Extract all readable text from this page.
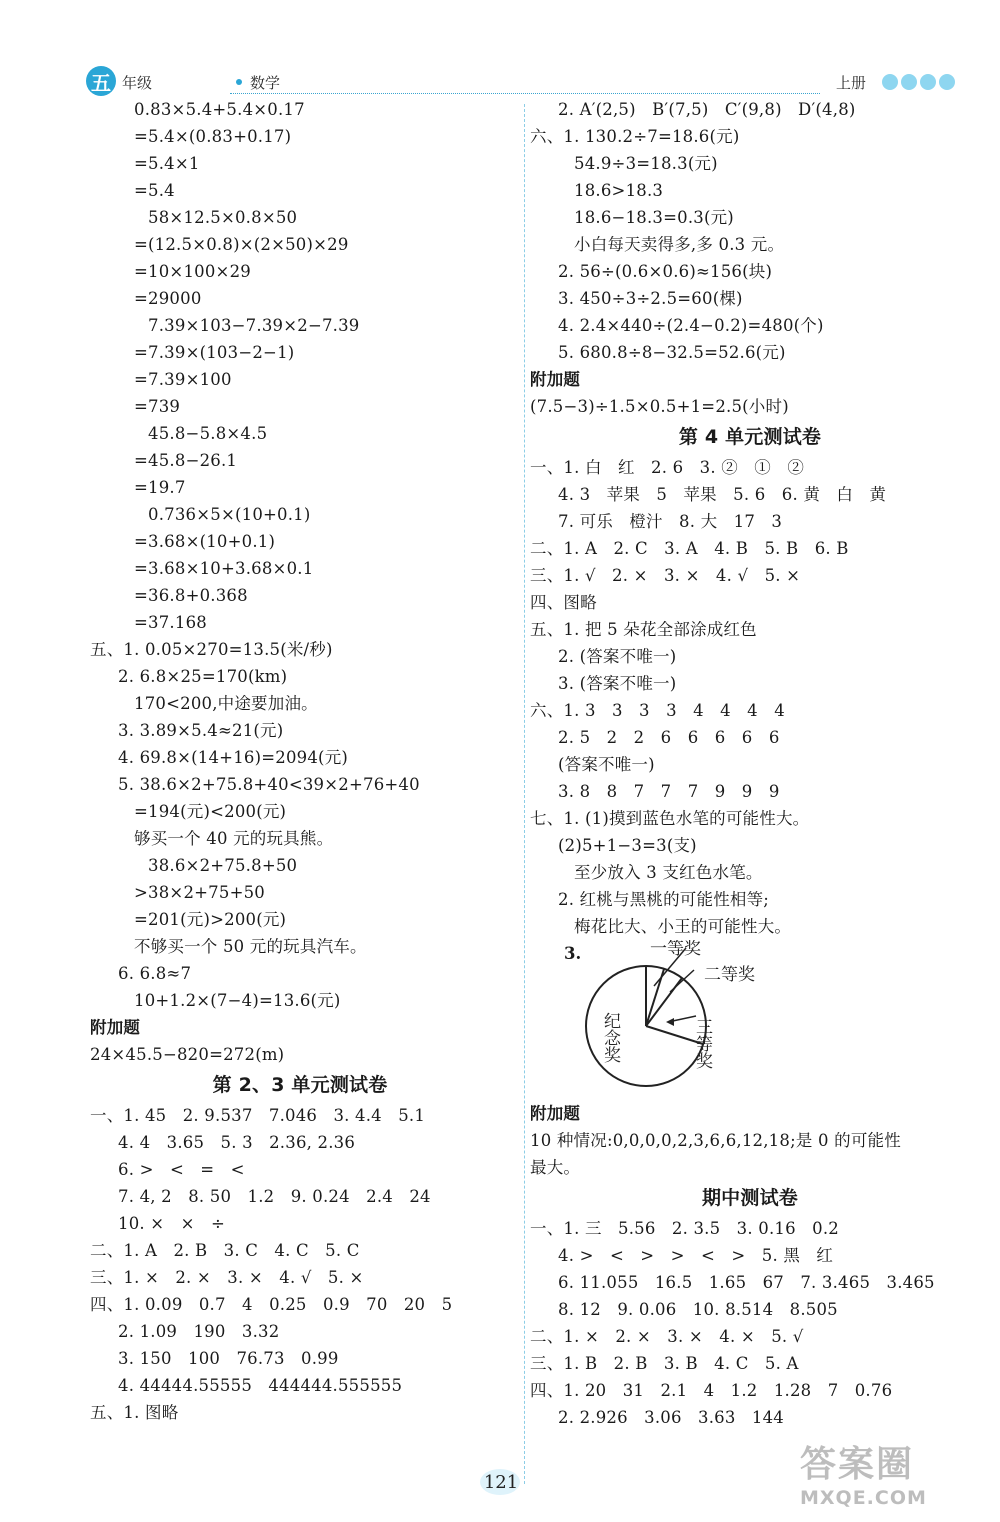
五 年级	数学	上册
0.83×5.4+5.4×0.17
=5.4×(0.83+0.17)
=5.4×1
=5.4
58×12.5×0.8×50
=(12.5×0.8)×(2×50)×29
=10×100×29
=29000
7.39×103−7.39×2−7.39
=7.39×(103−2−1)
=7.39×100
=739
45.8−5.8×4.5
=45.8−26.1
=19.7
0.736×5×(10+0.1)
=3.68×(10+0.1)
=3.68×10+3.68×0.1
=36.8+0.368
=37.168
五、1. 0.05×270=13.5(米/秒)
2. 6.8×25=170(km)
170<200,中途要加油。
3. 3.89×5.4≈21(元)
4. 69.8×(14+16)=2094(元)
5. 38.6×2+75.8+40<39×2+76+40
=194(元)<200(元)
够买一个 40 元的玩具熊。
38.6×2+75.8+50
>38×2+75+50
=201(元)>200(元)
不够买一个 50 元的玩具汽车。
6. 6.8≈7
10+1.2×(7−4)=13.6(元)
附加题
24×45.5−820=272(m)
第 2、3 单元测试卷
一、1. 45   2. 9.537   7.046   3. 4.4   5.1
4. 4   3.65   5. 3   2.36, 2.36
6. >   <   =   <
7. 4, 2   8. 50   1.2   9. 0.24   2.4   24
10. ×   ×   ÷
二、1. A   2. B   3. C   4. C   5. C
三、1. ×   2. ×   3. ×   4. √   5. ×
四、1. 0.09   0.7   4   0.25   0.9   70   20   5
2. 1.09   190   3.32
3. 150   100   76.73   0.99
4. 44444.55555   444444.555555
五、1. 图略
2. A′(2,5)   B′(7,5)   C′(9,8)   D′(4,8)
六、1. 130.2÷7=18.6(元)
54.9÷3=18.3(元)
18.6>18.3
18.6−18.3=0.3(元)
小白每天卖得多,多 0.3 元。
2. 56÷(0.6×0.6)≈156(块)
3. 450÷3÷2.5=60(棵)
4. 2.4×440÷(2.4−0.2)=480(个)
5. 680.8÷8−32.5=52.6(元)
附加题
(7.5−3)÷1.5×0.5+1=2.5(小时)
第 4 单元测试卷
一、1. 白   红   2. 6   3. ②   ①   ②
4. 3   苹果   5   苹果   5. 6   6. 黄   白   黄
7. 可乐   橙汁   8. 大   17   3
二、1. A   2. C   3. A   4. B   5. B   6. B
三、1. √   2. ×   3. ×   4. √   5. ×
四、图略
五、1. 把 5 朵花全部涂成红色
2. (答案不唯一)
3. (答案不唯一)
六、1. 3   3   3   3   4   4   4   4
2. 5   2   2   6   6   6   6   6
(答案不唯一)
3. 8   8   7   7   7   9   9   9
七、1. (1)摸到蓝色水笔的可能性大。
(2)5+1−3=3(支)
至少放入 3 支红色水笔。
2. 红桃与黑桃的可能性相等;
梅花比大、小王的可能性大。
3.	一等奖
二等奖
三等奖
纪念奖
附加题
10 种情况:0,0,0,0,2,3,6,6,12,18;是 0 的可能性
最大。
期中测试卷
一、1. 三   5.56   2. 3.5   3. 0.16   0.2
4. >   <   >   >   <   >   5. 黑   红
6. 11.055   16.5   1.65   67   7. 3.465   3.465
8. 12   9. 0.06   10. 8.514   8.505
二、1. ×   2. ×   3. ×   4. ×   5. √
三、1. B   2. B   3. B   4. C   5. A
四、1. 20   31   2.1   4   1.2   1.28   7   0.76
2. 2.926   3.06   3.63   144
121	答案圈
MXQE.COM
